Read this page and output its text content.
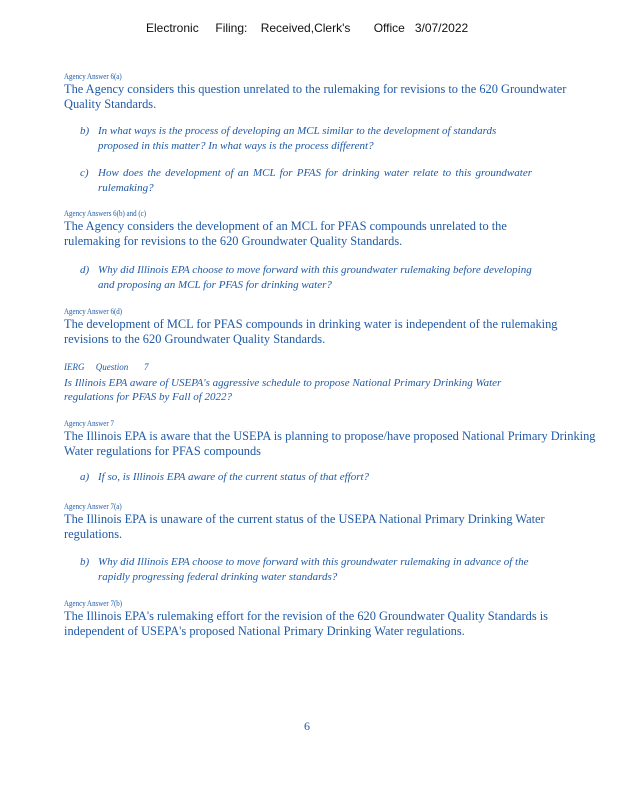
Electronic     Filing:    Received,Clerk's       Office   3/07/2022
Agency Answer 6(a)
The Agency considers this question unrelated to the rulemaking for revisions to the 620 Groundwater Quality Standards.
b) In what ways is the process of developing an MCL similar to the development of standards proposed in this matter? In what ways is the process different?
c) How does the development of an MCL for PFAS for drinking water relate to this groundwater rulemaking?
Agency Answers 6(b) and (c)
The Agency considers the development of an MCL for PFAS compounds unrelated to the rulemaking for revisions to the 620 Groundwater Quality Standards.
d) Why did Illinois EPA choose to move forward with this groundwater rulemaking before developing and proposing an MCL for PFAS for drinking water?
Agency Answer 6(d)
The development of MCL for PFAS compounds in drinking water is independent of the rulemaking revisions to the 620 Groundwater Quality Standards.
IERG     Question       7
Is Illinois EPA aware of USEPA's aggressive schedule to propose National Primary Drinking Water regulations for PFAS by Fall of 2022?
Agency Answer 7
The Illinois EPA is aware that the USEPA is planning to propose/have proposed National Primary Drinking Water regulations for PFAS compounds
a) If so, is Illinois EPA aware of the current status of that effort?
Agency Answer 7(a)
The Illinois EPA is unaware of the current status of the USEPA National Primary Drinking Water regulations.
b) Why did Illinois EPA choose to move forward with this groundwater rulemaking in advance of the rapidly progressing federal drinking water standards?
Agency Answer 7(b)
The Illinois EPA's rulemaking effort for the revision of the 620 Groundwater Quality Standards is independent of USEPA's proposed National Primary Drinking Water regulations.
6
